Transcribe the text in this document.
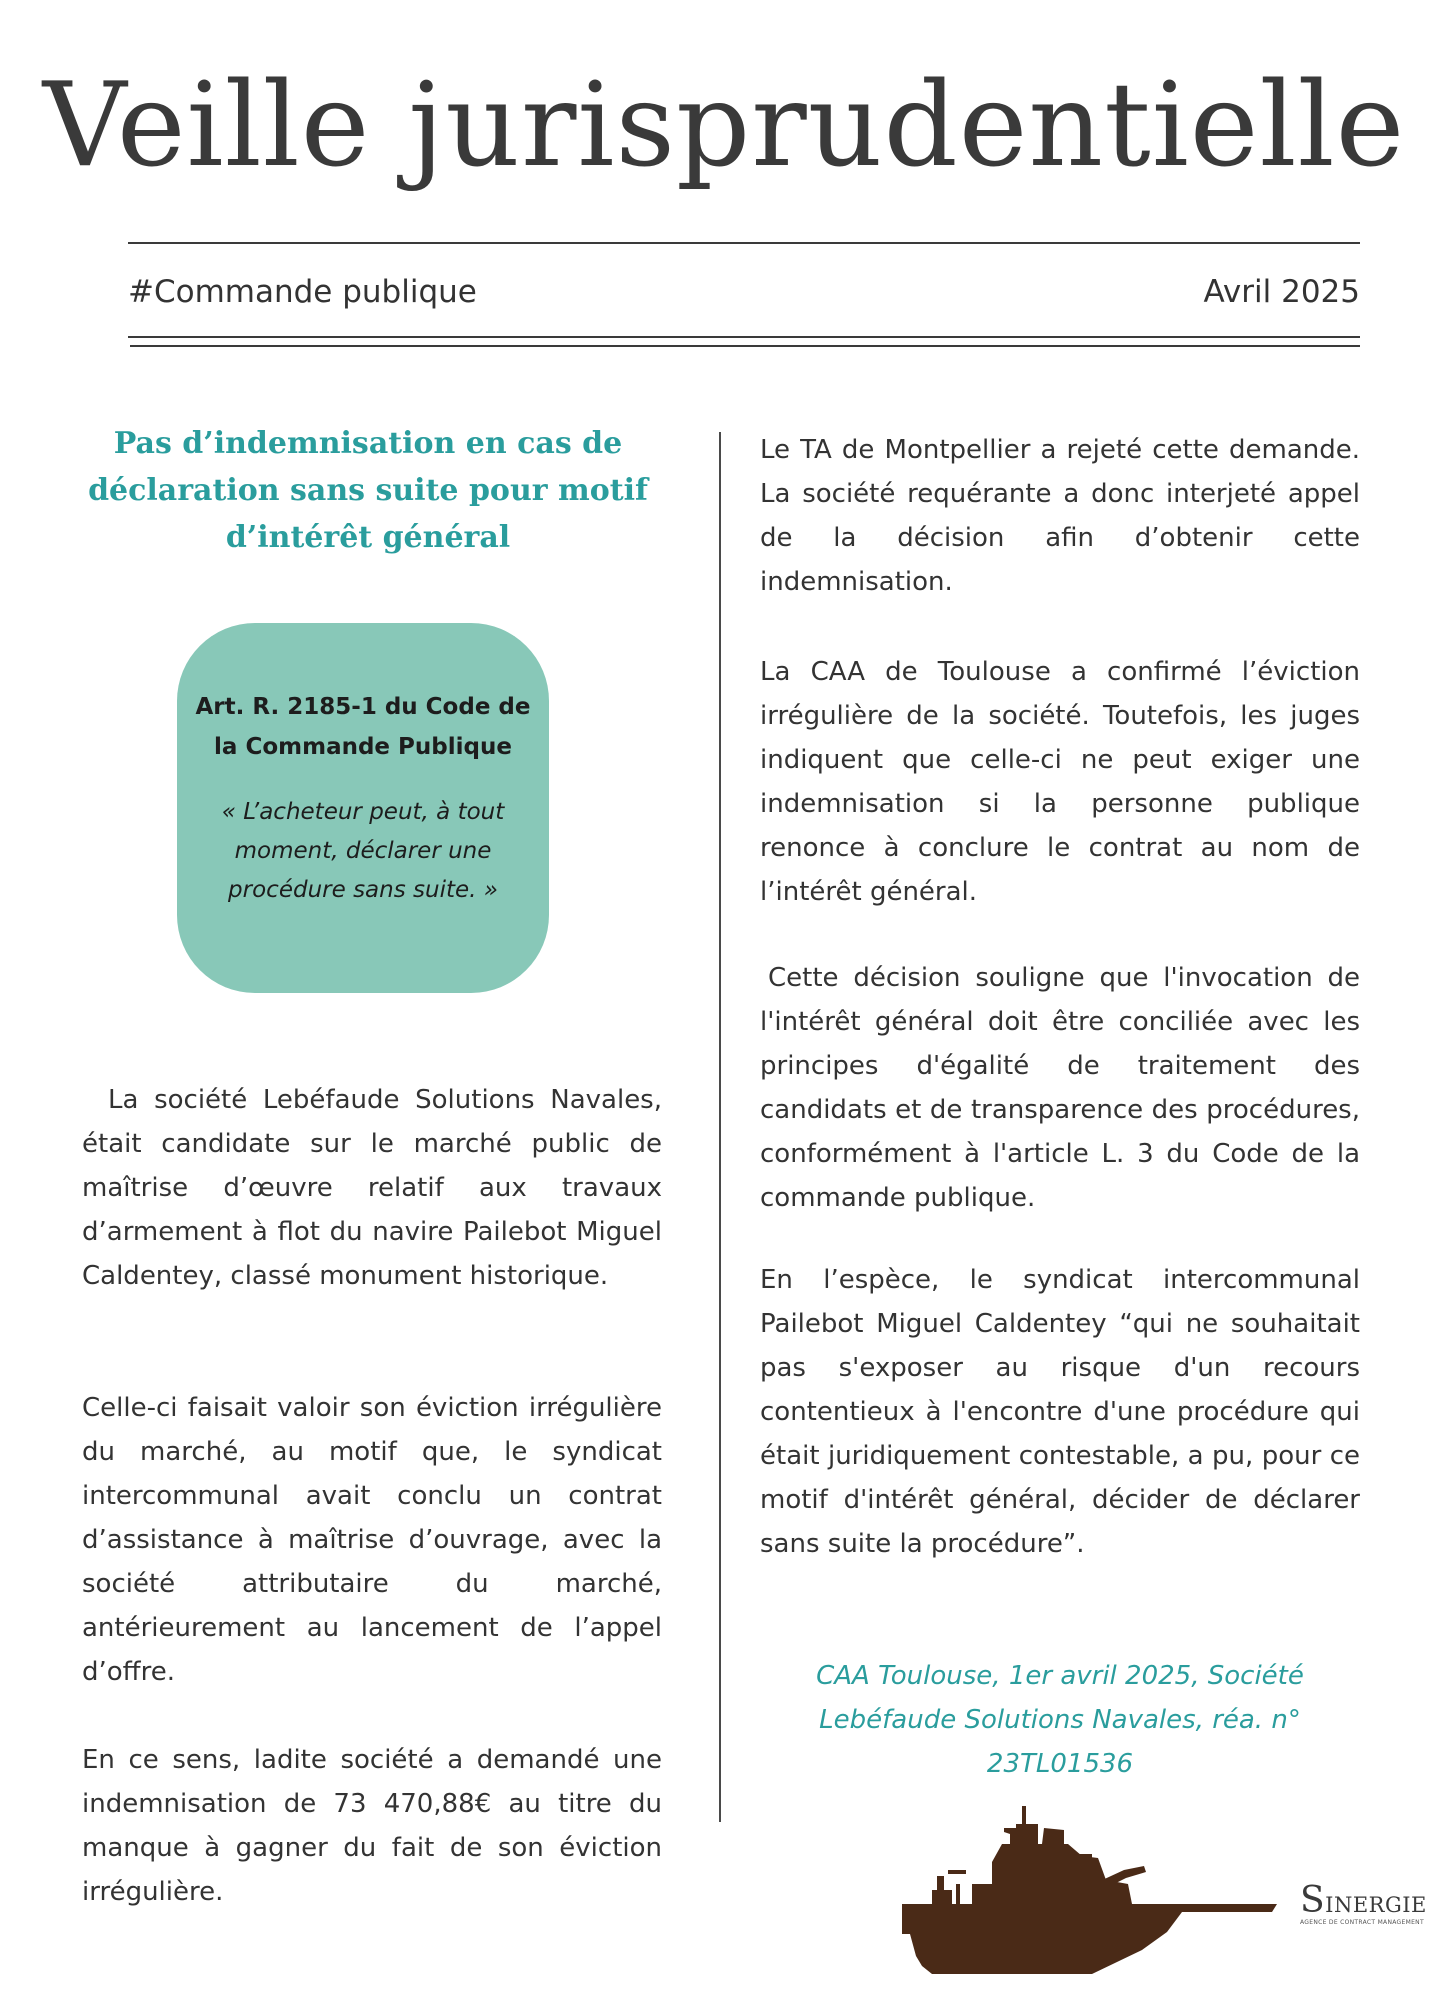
Veille jurisprudentielle
#Commande publique	Avril 2025
Pas d’indemnisation en cas de déclaration sans suite pour motif d’intérêt général

Art. R. 2185-1 du Code de la Commande Publique

« L’acheteur peut, à tout moment, déclarer une procédure sans suite. »

La société Lebéfaude Solutions Navales, était candidate sur le marché public de maîtrise d’œuvre relatif aux travaux d’armement à flot du navire Pailebot Miguel Caldentey, classé monument historique.

Celle-ci faisait valoir son éviction irrégulière du marché, au motif que, le syndicat intercommunal avait conclu un contrat d’assistance à maîtrise d’ouvrage, avec la société attributaire du marché, antérieurement au lancement de l’appel d’offre.

En ce sens, ladite société a demandé une indemnisation de 73 470,88€ au titre du manque à gagner du fait de son éviction irrégulière.

Le TA de Montpellier a rejeté cette demande. La société requérante a donc interjeté appel de la décision afin d’obtenir cette indemnisation.

La CAA de Toulouse a confirmé l’éviction irrégulière de la société. Toutefois, les juges indiquent que celle-ci ne peut exiger une indemnisation si la personne publique renonce à conclure le contrat au nom de l’intérêt général.

Cette décision souligne que l'invocation de l'intérêt général doit être conciliée avec les principes d'égalité de traitement des candidats et de transparence des procédures, conformément à l'article L. 3 du Code de la commande publique.

En l’espèce, le syndicat intercommunal Pailebot Miguel Caldentey “qui ne souhaitait pas s'exposer au risque d'un recours contentieux à l'encontre d'une procédure qui était juridiquement contestable, a pu, pour ce motif d'intérêt général, décider de déclarer sans suite la procédure”.

CAA Toulouse, 1er avril 2025, Société Lebéfaude Solutions Navales, réa. n° 23TL01536

SINERGIE
AGENCE DE CONTRACT MANAGEMENT
